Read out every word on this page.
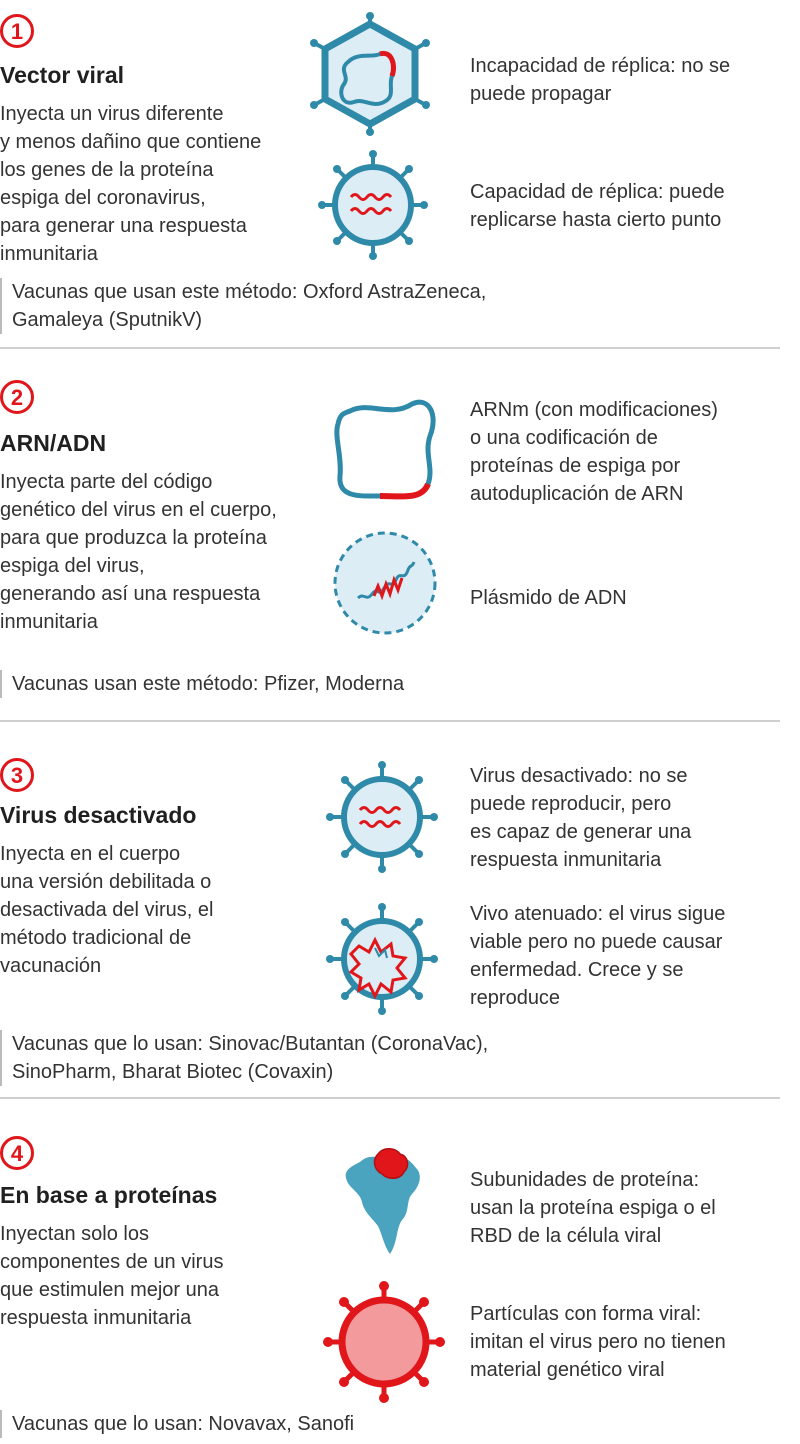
1
Vector viral
Inyecta un virus diferente
y menos dañino que contiene
los genes de la proteína
espiga del coronavirus,
para generar una respuesta
inmunitaria
Incapacidad de réplica: no se
puede propagar
Capacidad de réplica: puede
replicarse hasta cierto punto
Vacunas que usan este método: Oxford AstraZeneca,
Gamaleya (SputnikV)
2
ARN/ADN
Inyecta parte del código
genético del virus en el cuerpo,
para que produzca la proteína
espiga del virus,
generando así una respuesta
inmunitaria
ARNm (con modificaciones)
o una codificación de
proteínas de espiga por
autoduplicación de ARN
Plásmido de ADN
Vacunas usan este método: Pfizer, Moderna
3
Virus desactivado
Inyecta en el cuerpo
una versión debilitada o
desactivada del virus, el
método tradicional de
vacunación
Virus desactivado: no se
puede reproducir, pero
es capaz de generar una
respuesta inmunitaria
Vivo atenuado: el virus sigue
viable pero no puede causar
enfermedad. Crece y se
reproduce
Vacunas que lo usan: Sinovac/Butantan (CoronaVac),
SinoPharm, Bharat Biotec (Covaxin)
4
En base a proteínas
Inyectan solo los
componentes de un virus
que estimulen mejor una
respuesta inmunitaria
Subunidades de proteína:
usan la proteína espiga o el
RBD de la célula viral
Partículas con forma viral:
imitan el virus pero no tienen
material genético viral
Vacunas que lo usan: Novavax, Sanofi
